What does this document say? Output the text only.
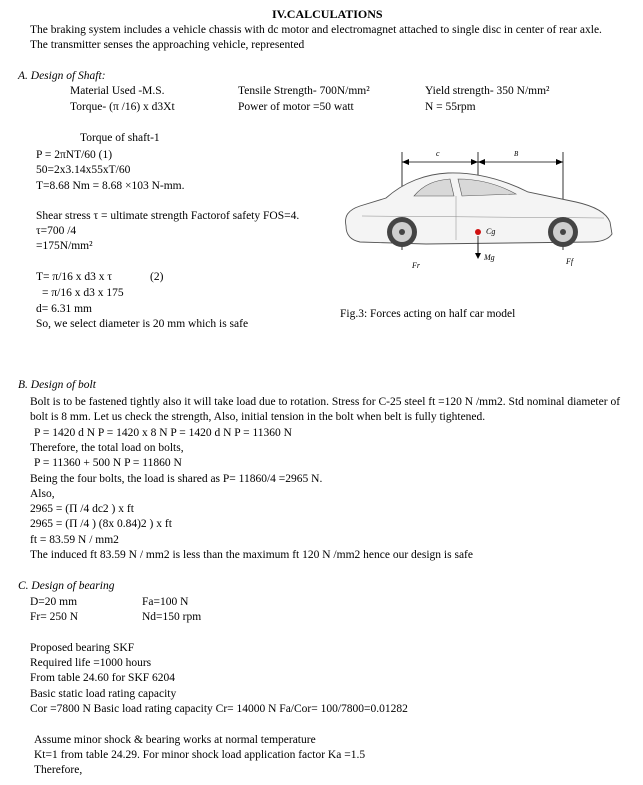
IV.CALCULATIONS
The braking system includes a vehicle chassis with dc motor and electromagnet attached to single disc in center of rear axle.
The transmitter senses the approaching vehicle, represented
A. Design of Shaft:
Material Used -M.S.	Tensile Strength- 700N/mm²	Yield strength- 350 N/mm²
Torque- (π /16) x d3Xt	Power of motor =50 watt	N = 55rpm
Torque of shaft-1
P = 2πNT/60 (1)
50=2x3.14x55xT/60
T=8.68 Nm = 8.68 ×103 N-mm.
Shear stress τ = ultimate strength Factorof safety FOS=4.
τ=700 /4
=175N/mm²
T= π/16 x d3 x τ	(2)
= π/16 x d3 x 175
d= 6.31 mm
So, we select diameter is 20 mm which is safe
c	B
Cg
Mg
Fr	Ff
Fig.3: Forces acting on half car model
B. Design of bolt
Bolt is to be fastened tightly also it will take load due to rotation. Stress for C-25 steel ft =120 N /mm2. Std nominal diameter of bolt is 8 mm. Let us check the strength, Also, initial tension in the bolt when belt is fully tightened.
P = 1420 d N P = 1420 x 8 N P = 1420 d N P = 11360 N
Therefore, the total load on bolts,
P = 11360 + 500 N P = 11860 N
Being the four bolts, the load is shared as P= 11860/4 =2965 N.
Also,
2965 = (Π /4 dc2 ) x ft
2965 = (Π /4 ) (8x 0.84)2 ) x ft
ft = 83.59 N / mm2
The induced ft 83.59 N / mm2 is less than the maximum ft 120 N /mm2 hence our design is safe
C. Design of bearing
D=20 mm	Fa=100 N
Fr= 250 N	Nd=150 rpm
Proposed bearing SKF
Required life =1000 hours
From table 24.60 for SKF 6204
Basic static load rating capacity
Cor =7800 N Basic load rating capacity Cr= 14000 N Fa/Cor= 100/7800=0.01282
Assume minor shock & bearing works at normal temperature
Kt=1 from table 24.29. For minor shock load application factor Ka =1.5
Therefore,
